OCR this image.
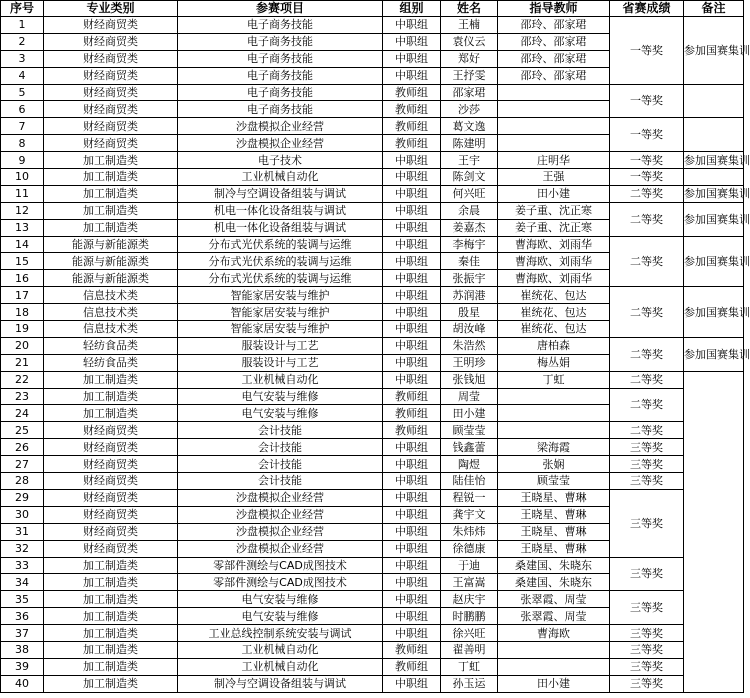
序号	专业类别	参赛项目	组别	姓名	指导教师	省赛成绩	备注
1	财经商贸类	电子商务技能	中职组	王楠	邵玲、邵家珺	一等奖	参加国赛集训
2	财经商贸类	电子商务技能	中职组	袁仪云	邵玲、邵家珺		
3	财经商贸类	电子商务技能	中职组	郑好	邵玲、邵家珺		
4	财经商贸类	电子商务技能	中职组	王抒雯	邵玲、邵家珺		
5	财经商贸类	电子商务技能	教师组	邵家珺		一等奖	
6	财经商贸类	电子商务技能	教师组	沙莎			
7	财经商贸类	沙盘模拟企业经营	教师组	葛文逸		一等奖	
8	财经商贸类	沙盘模拟企业经营	教师组	陈建明			
9	加工制造类	电子技术	中职组	王宇	庄明华	一等奖	参加国赛集训
10	加工制造类	工业机械自动化	中职组	陈剑文	王强	一等奖	
11	加工制造类	制冷与空调设备组装与调试	中职组	何兴旺	田小建	二等奖	参加国赛集训
12	加工制造类	机电一体化设备组装与调试	中职组	余晨	姜子重、沈正寒	二等奖	参加国赛集训
13	加工制造类	机电一体化设备组装与调试	中职组	姜嘉杰	姜子重、沈正寒		
14	能源与新能源类	分布式光伏系统的装调与运维	中职组	李梅宇	曹海欧、刘雨华	二等奖	参加国赛集训
15	能源与新能源类	分布式光伏系统的装调与运维	中职组	秦佳	曹海欧、刘雨华		
16	能源与新能源类	分布式光伏系统的装调与运维	中职组	张振宇	曹海欧、刘雨华		
17	信息技术类	智能家居安装与维护	中职组	苏润港	崔统花、包达	二等奖	参加国赛集训
18	信息技术类	智能家居安装与维护	中职组	殷星	崔统花、包达		
19	信息技术类	智能家居安装与维护	中职组	胡汝峰	崔统花、包达		
20	轻纺食品类	服装设计与工艺	中职组	朱浩然	唐柏森	二等奖	参加国赛集训
21	轻纺食品类	服装设计与工艺	中职组	王明珍	梅丛娟		
22	加工制造类	工业机械自动化	中职组	张钱旭	丁虹	二等奖	
23	加工制造类	电气安装与维修	教师组	周莹		二等奖	
24	加工制造类	电气安装与维修	教师组	田小建			
25	财经商贸类	会计技能	教师组	顾莹莹		二等奖	
26	财经商贸类	会计技能	中职组	钱鑫蕾	梁海霞	三等奖	
27	财经商贸类	会计技能	中职组	陶煜	张娴	三等奖	
28	财经商贸类	会计技能	中职组	陆佳怡	顾莹莹	三等奖	
29	财经商贸类	沙盘模拟企业经营	中职组	程锐一	王晓星、曹琳	三等奖	
30	财经商贸类	沙盘模拟企业经营	中职组	龚宇文	王晓星、曹琳		
31	财经商贸类	沙盘模拟企业经营	中职组	朱炜炜	王晓星、曹琳		
32	财经商贸类	沙盘模拟企业经营	中职组	徐德康	王晓星、曹琳		
33	加工制造类	零部件测绘与CAD成图技术	中职组	于迪	桑建国、朱晓东	三等奖	
34	加工制造类	零部件测绘与CAD成图技术	中职组	王富嵩	桑建国、朱晓东		
35	加工制造类	电气安装与维修	中职组	赵庆宇	张翠霞、周莹	三等奖	
36	加工制造类	电气安装与维修	中职组	时鹏鹏	张翠霞、周莹		
37	加工制造类	工业总线控制系统安装与调试	中职组	徐兴旺	曹海欧	三等奖	
38	加工制造类	工业机械自动化	教师组	翟善明		三等奖	
39	加工制造类	工业机械自动化	教师组	丁虹		三等奖	
40	加工制造类	制冷与空调设备组装与调试	中职组	孙玉运	田小建	三等奖	
